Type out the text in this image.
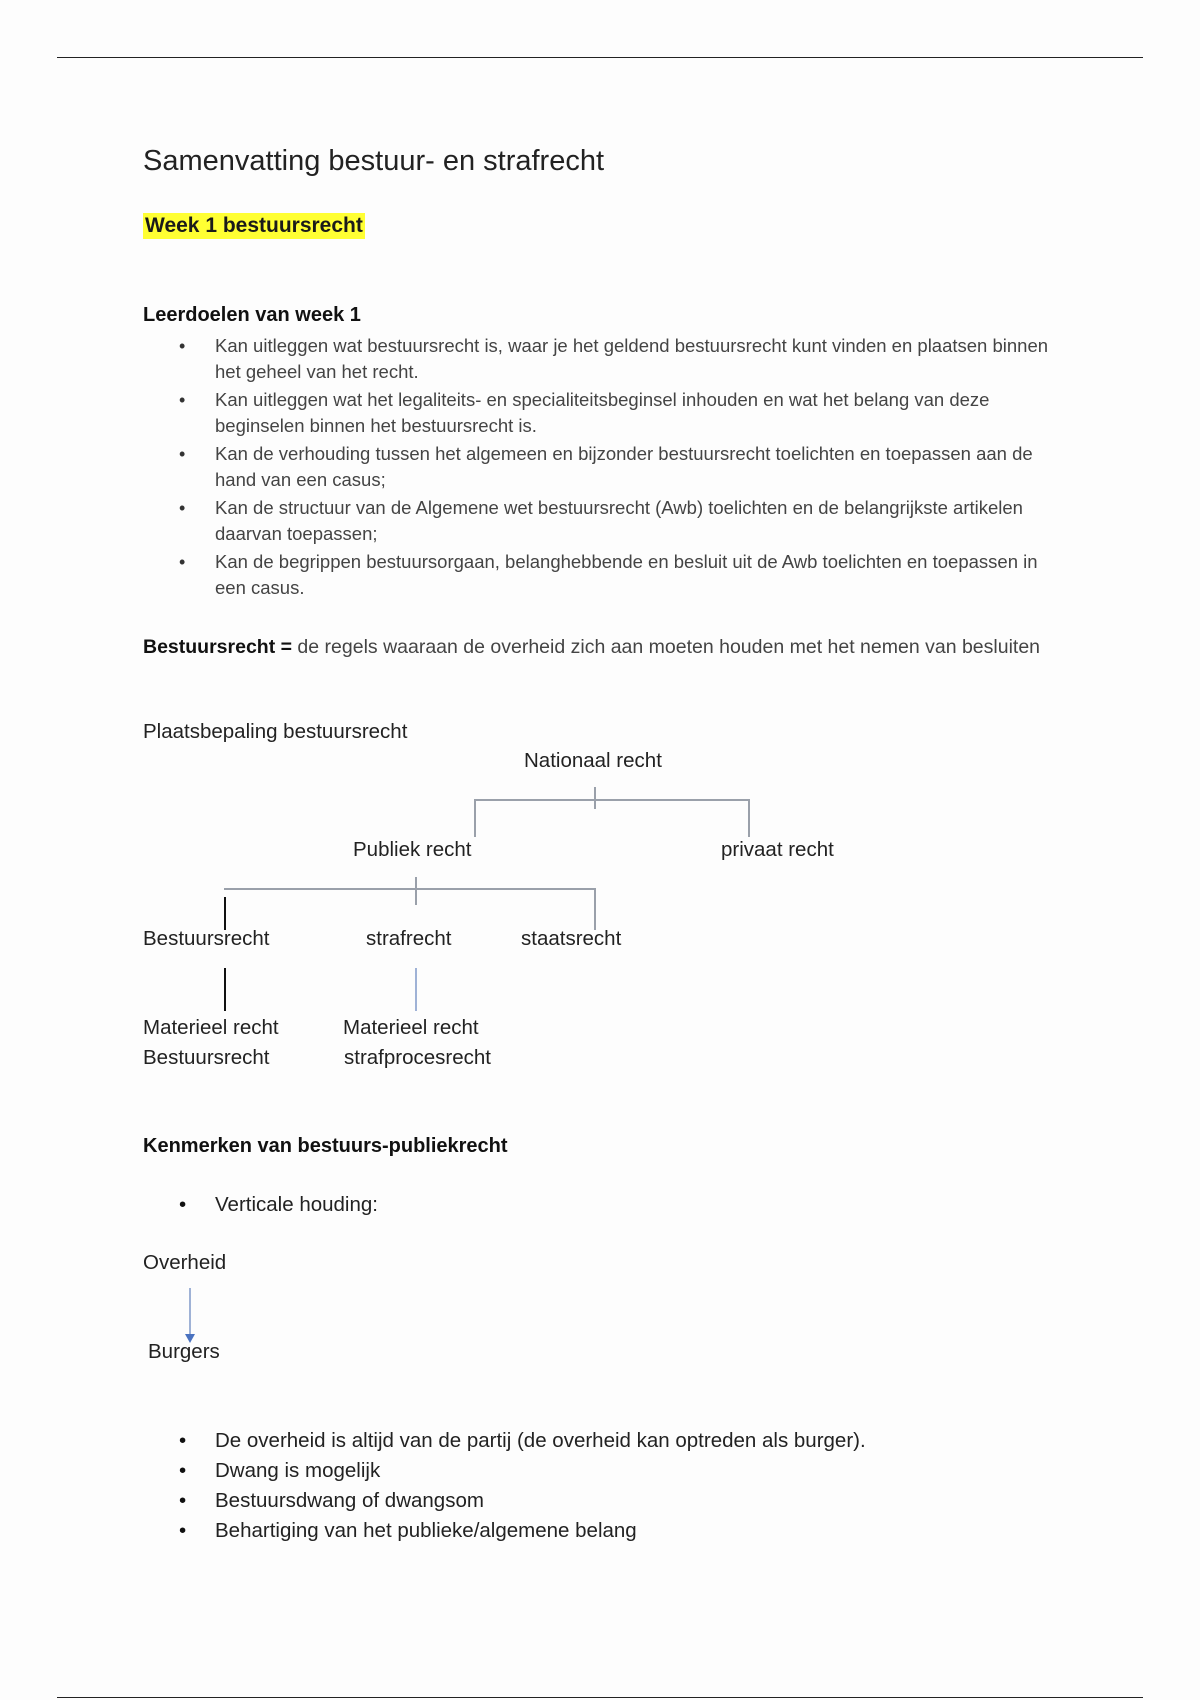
Samenvatting bestuur- en strafrecht
Week 1 bestuursrecht
Leerdoelen van week 1
• Kan uitleggen wat bestuursrecht is, waar je het geldend bestuursrecht kunt vinden en plaatsen binnen het geheel van het recht.
• Kan uitleggen wat het legaliteits- en specialiteitsbeginsel inhouden en wat het belang van deze beginselen binnen het bestuursrecht is.
• Kan de verhouding tussen het algemeen en bijzonder bestuursrecht toelichten en toepassen aan de hand van een casus;
• Kan de structuur van de Algemene wet bestuursrecht (Awb) toelichten en de belangrijkste artikelen daarvan toepassen;
• Kan de begrippen bestuursorgaan, belanghebbende en besluit uit de Awb toelichten en toepassen in een casus.
Bestuursrecht = de regels waaraan de overheid zich aan moeten houden met het nemen van besluiten
Plaatsbepaling bestuursrecht
Nationaal recht
Publiek recht	privaat recht
Bestuursrecht	strafrecht	staatsrecht
Materieel recht
Bestuursrecht
Materieel recht
strafprocesrecht
Kenmerken van bestuurs-publiekrecht
• Verticale houding:
Overheid
Burgers
• De overheid is altijd van de partij (de overheid kan optreden als burger).
• Dwang is mogelijk
• Bestuursdwang of dwangsom
• Behartiging van het publieke/algemene belang
